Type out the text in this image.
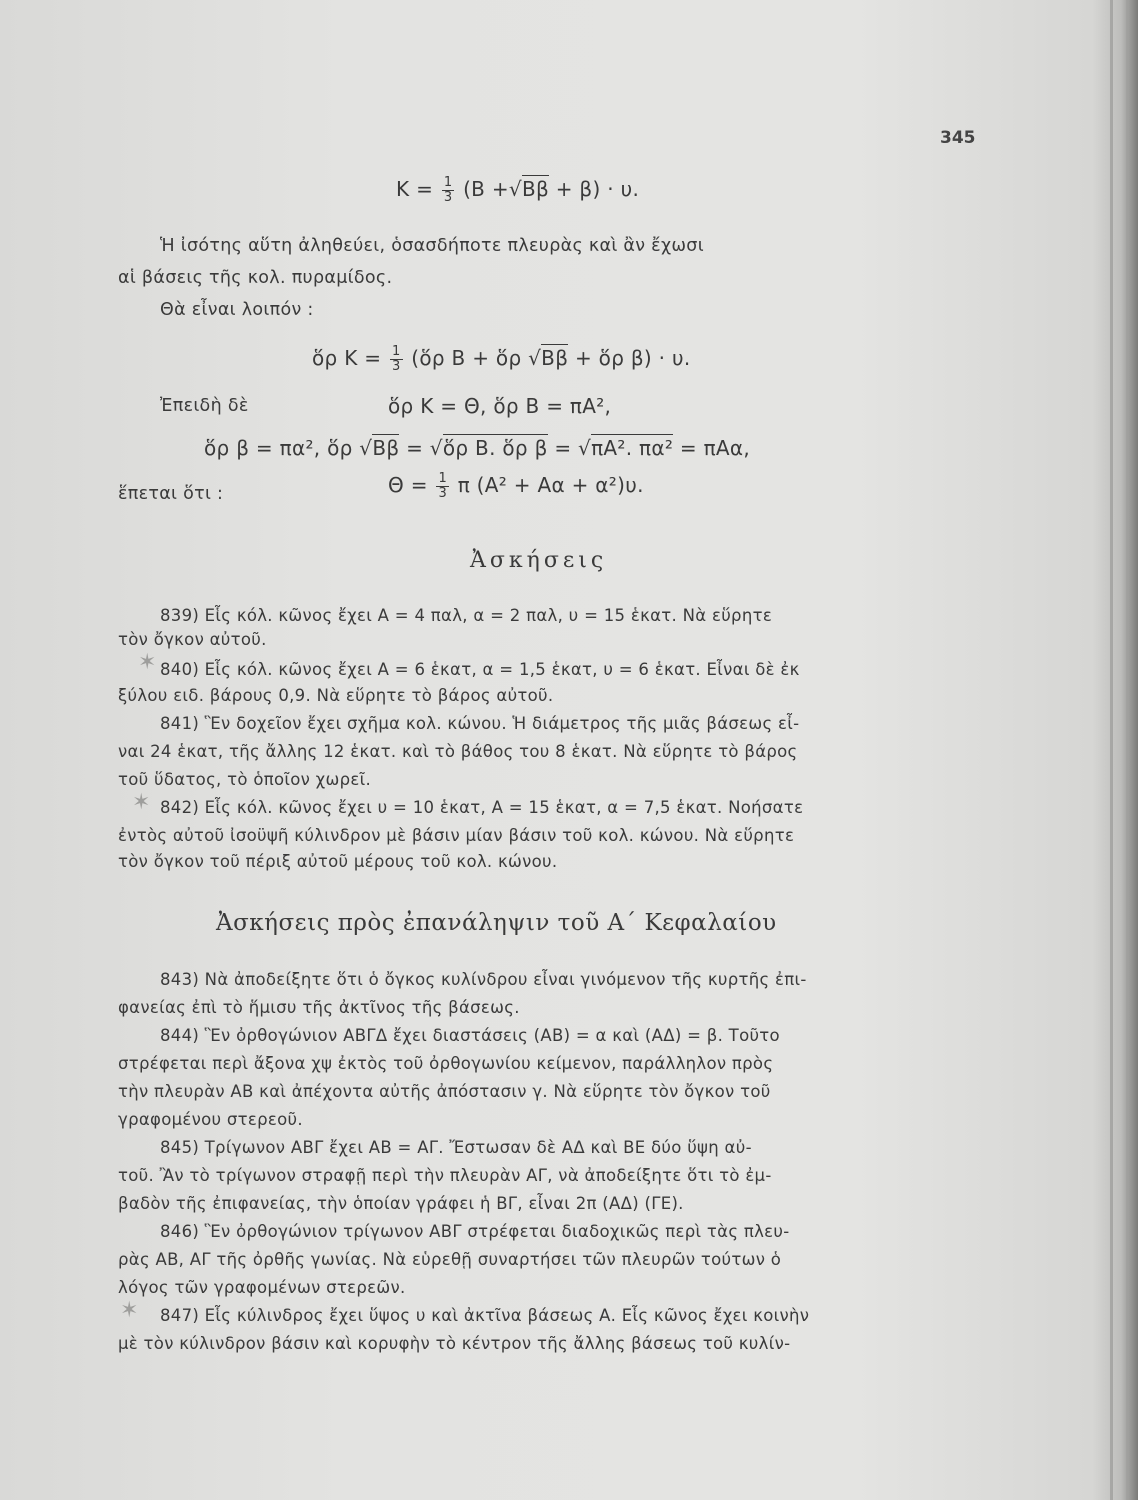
345
$K = \frac{1}{3} (B +√B\beta + \beta) \cdot \upsilon$.
Ἡ ἰσότης αὕτη ἀληθεύει, ὁσασδήποτε πλευρὰς καὶ ἂν ἔχωσι
αἱ βάσεις τῆς κολ. πυραμίδος.
Θὰ εἶναι λοιπόν :
ὅρ $K = \frac{1}{3}$ (ὅρ B + ὅρ √Bβ + ὅρ β) · υ.
Ἐπειδὴ δὲ	ὅρ K = Θ, ὅρ B = πA²,
ὅρ β = πα², ὅρ √Bβ = √ὅρ B. ὅρ β = √πA². πα² = πAα,
ἕπεται ὅτι :	$\Theta = \frac{1}{3}$ π (A² + Aα + α²)υ.
Ἀσκήσεις
839) Εἷς κόλ. κῶνος ἔχει A = 4 παλ, α = 2 παλ, υ = 15 ἑκατ. Νὰ εὕρητε
τὸν ὄγκον αὐτοῦ.
840) Εἷς κόλ. κῶνος ἔχει A = 6 ἑκατ, α = 1,5 ἑκατ, υ = 6 ἑκατ. Εἶναι δὲ ἐκ
ξύλου ειδ. βάρους 0,9. Νὰ εὕρητε τὸ βάρος αὐτοῦ.
841) Ἓν δοχεῖον ἔχει σχῆμα κολ. κώνου. Ἡ διάμετρος τῆς μιᾶς βάσεως εἶ-
ναι 24 ἑκατ, τῆς ἄλλης 12 ἑκατ. καὶ τὸ βάθος του 8 ἑκατ. Νὰ εὕρητε τὸ βάρος
τοῦ ὕδατος, τὸ ὁποῖον χωρεῖ.
842) Εἷς κόλ. κῶνος ἔχει υ = 10 ἑκατ, A = 15 ἑκατ, α = 7,5 ἑκατ. Νοήσατε
ἐντὸς αὐτοῦ ἰσοϋψῆ κύλινδρον μὲ βάσιν μίαν βάσιν τοῦ κολ. κώνου. Νὰ εὕρητε
τὸν ὄγκον τοῦ πέριξ αὐτοῦ μέρους τοῦ κολ. κώνου.
✶
✶
✶
Ἀσκήσεις πρὸς ἐπανάληψιν τοῦ Α΄ Κεφαλαίου
843) Νὰ ἀποδείξητε ὅτι ὁ ὄγκος κυλίνδρου εἶναι γινόμενον τῆς κυρτῆς ἐπι-
φανείας ἐπὶ τὸ ἥμισυ τῆς ἀκτῖνος τῆς βάσεως.
844) Ἓν ὀρθογώνιον ΑΒΓΔ ἔχει διαστάσεις (ΑΒ) = α καὶ (ΑΔ) = β. Τοῦτο
στρέφεται περὶ ἄξονα χψ ἐκτὸς τοῦ ὀρθογωνίου κείμενον, παράλληλον πρὸς
τὴν πλευρὰν ΑΒ καὶ ἀπέχοντα αὐτῆς ἀπόστασιν γ. Νὰ εὕρητε τὸν ὄγκον τοῦ
γραφομένου στερεοῦ.
845) Τρίγωνον ΑΒΓ ἔχει ΑΒ = ΑΓ. Ἔστωσαν δὲ ΑΔ καὶ ΒΕ δύο ὕψη αὐ-
τοῦ. Ἂν τὸ τρίγωνον στραφῇ περὶ τὴν πλευρὰν ΑΓ, νὰ ἀποδείξητε ὅτι τὸ ἐμ-
βαδὸν τῆς ἐπιφανείας, τὴν ὁποίαν γράφει ἡ ΒΓ, εἶναι 2π (ΑΔ) (ΓΕ).
846) Ἓν ὀρθογώνιον τρίγωνον ΑΒΓ στρέφεται διαδοχικῶς περὶ τὰς πλευ-
ρὰς ΑΒ, ΑΓ τῆς ὀρθῆς γωνίας. Νὰ εὑρεθῇ συναρτήσει τῶν πλευρῶν τούτων ὁ
λόγος τῶν γραφομένων στερεῶν.
847) Εἷς κύλινδρος ἔχει ὕψος υ καὶ ἀκτῖνα βάσεως Α. Εἷς κῶνος ἔχει κοινὴν
μὲ τὸν κύλινδρον βάσιν καὶ κορυφὴν τὸ κέντρον τῆς ἄλλης βάσεως τοῦ κυλίν-
